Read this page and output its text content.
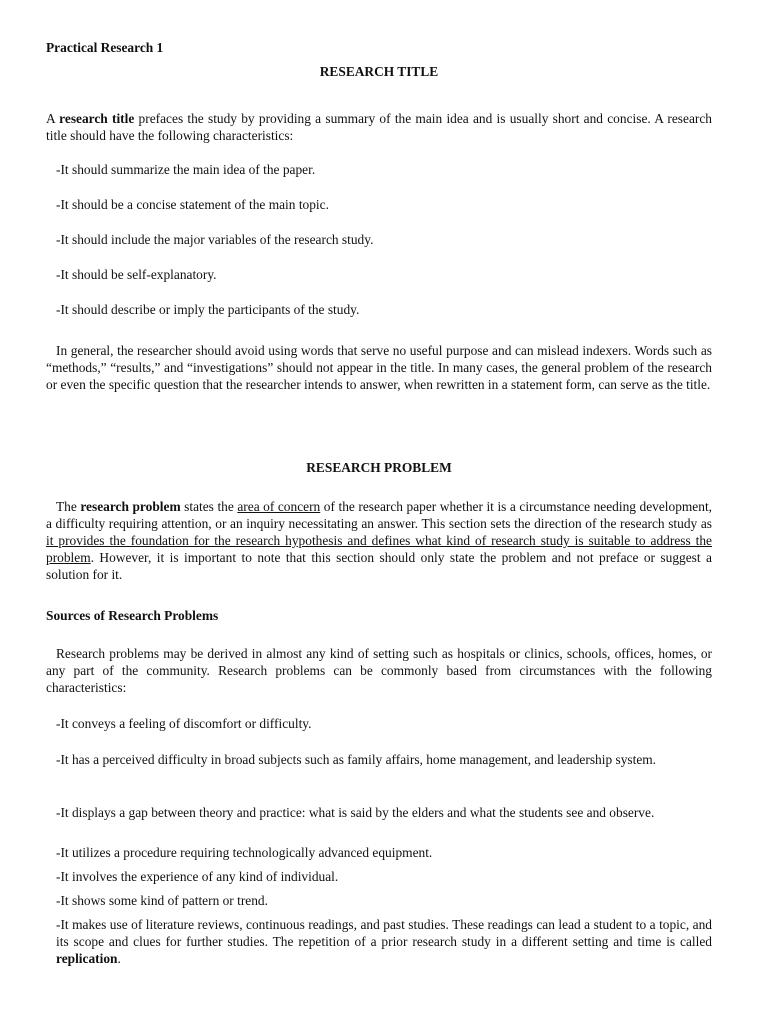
Practical Research 1
RESEARCH TITLE
A research title prefaces the study by providing a summary of the main idea and is usually short and concise. A research title should have the following characteristics:
-It should summarize the main idea of the paper.
-It should be a concise statement of the main topic.
-It should include the major variables of the research study.
-It should be self-explanatory.
-It should describe or imply the participants of the study.
In general, the researcher should avoid using words that serve no useful purpose and can mislead indexers. Words such as “methods,” “results,” and “investigations” should not appear in the title. In many cases, the general problem of the research or even the specific question that the researcher intends to answer, when rewritten in a statement form, can serve as the title.
RESEARCH PROBLEM
The research problem states the area of concern of the research paper whether it is a circumstance needing development, a difficulty requiring attention, or an inquiry necessitating an answer. This section sets the direction of the research study as it provides the foundation for the research hypothesis and defines what kind of research study is suitable to address the problem. However, it is important to note that this section should only state the problem and not preface or suggest a solution for it.
Sources of Research Problems
Research problems may be derived in almost any kind of setting such as hospitals or clinics, schools, offices, homes, or any part of the community. Research problems can be commonly based from circumstances with the following characteristics:
-It conveys a feeling of discomfort or difficulty.
-It has a perceived difficulty in broad subjects such as family affairs, home management, and leadership system.
-It displays a gap between theory and practice: what is said by the elders and what the students see and observe.
-It utilizes a procedure requiring technologically advanced equipment.
-It involves the experience of any kind of individual.
-It shows some kind of pattern or trend.
-It makes use of literature reviews, continuous readings, and past studies. These readings can lead a student to a topic, and its scope and clues for further studies. The repetition of a prior research study in a different setting and time is called replication.
